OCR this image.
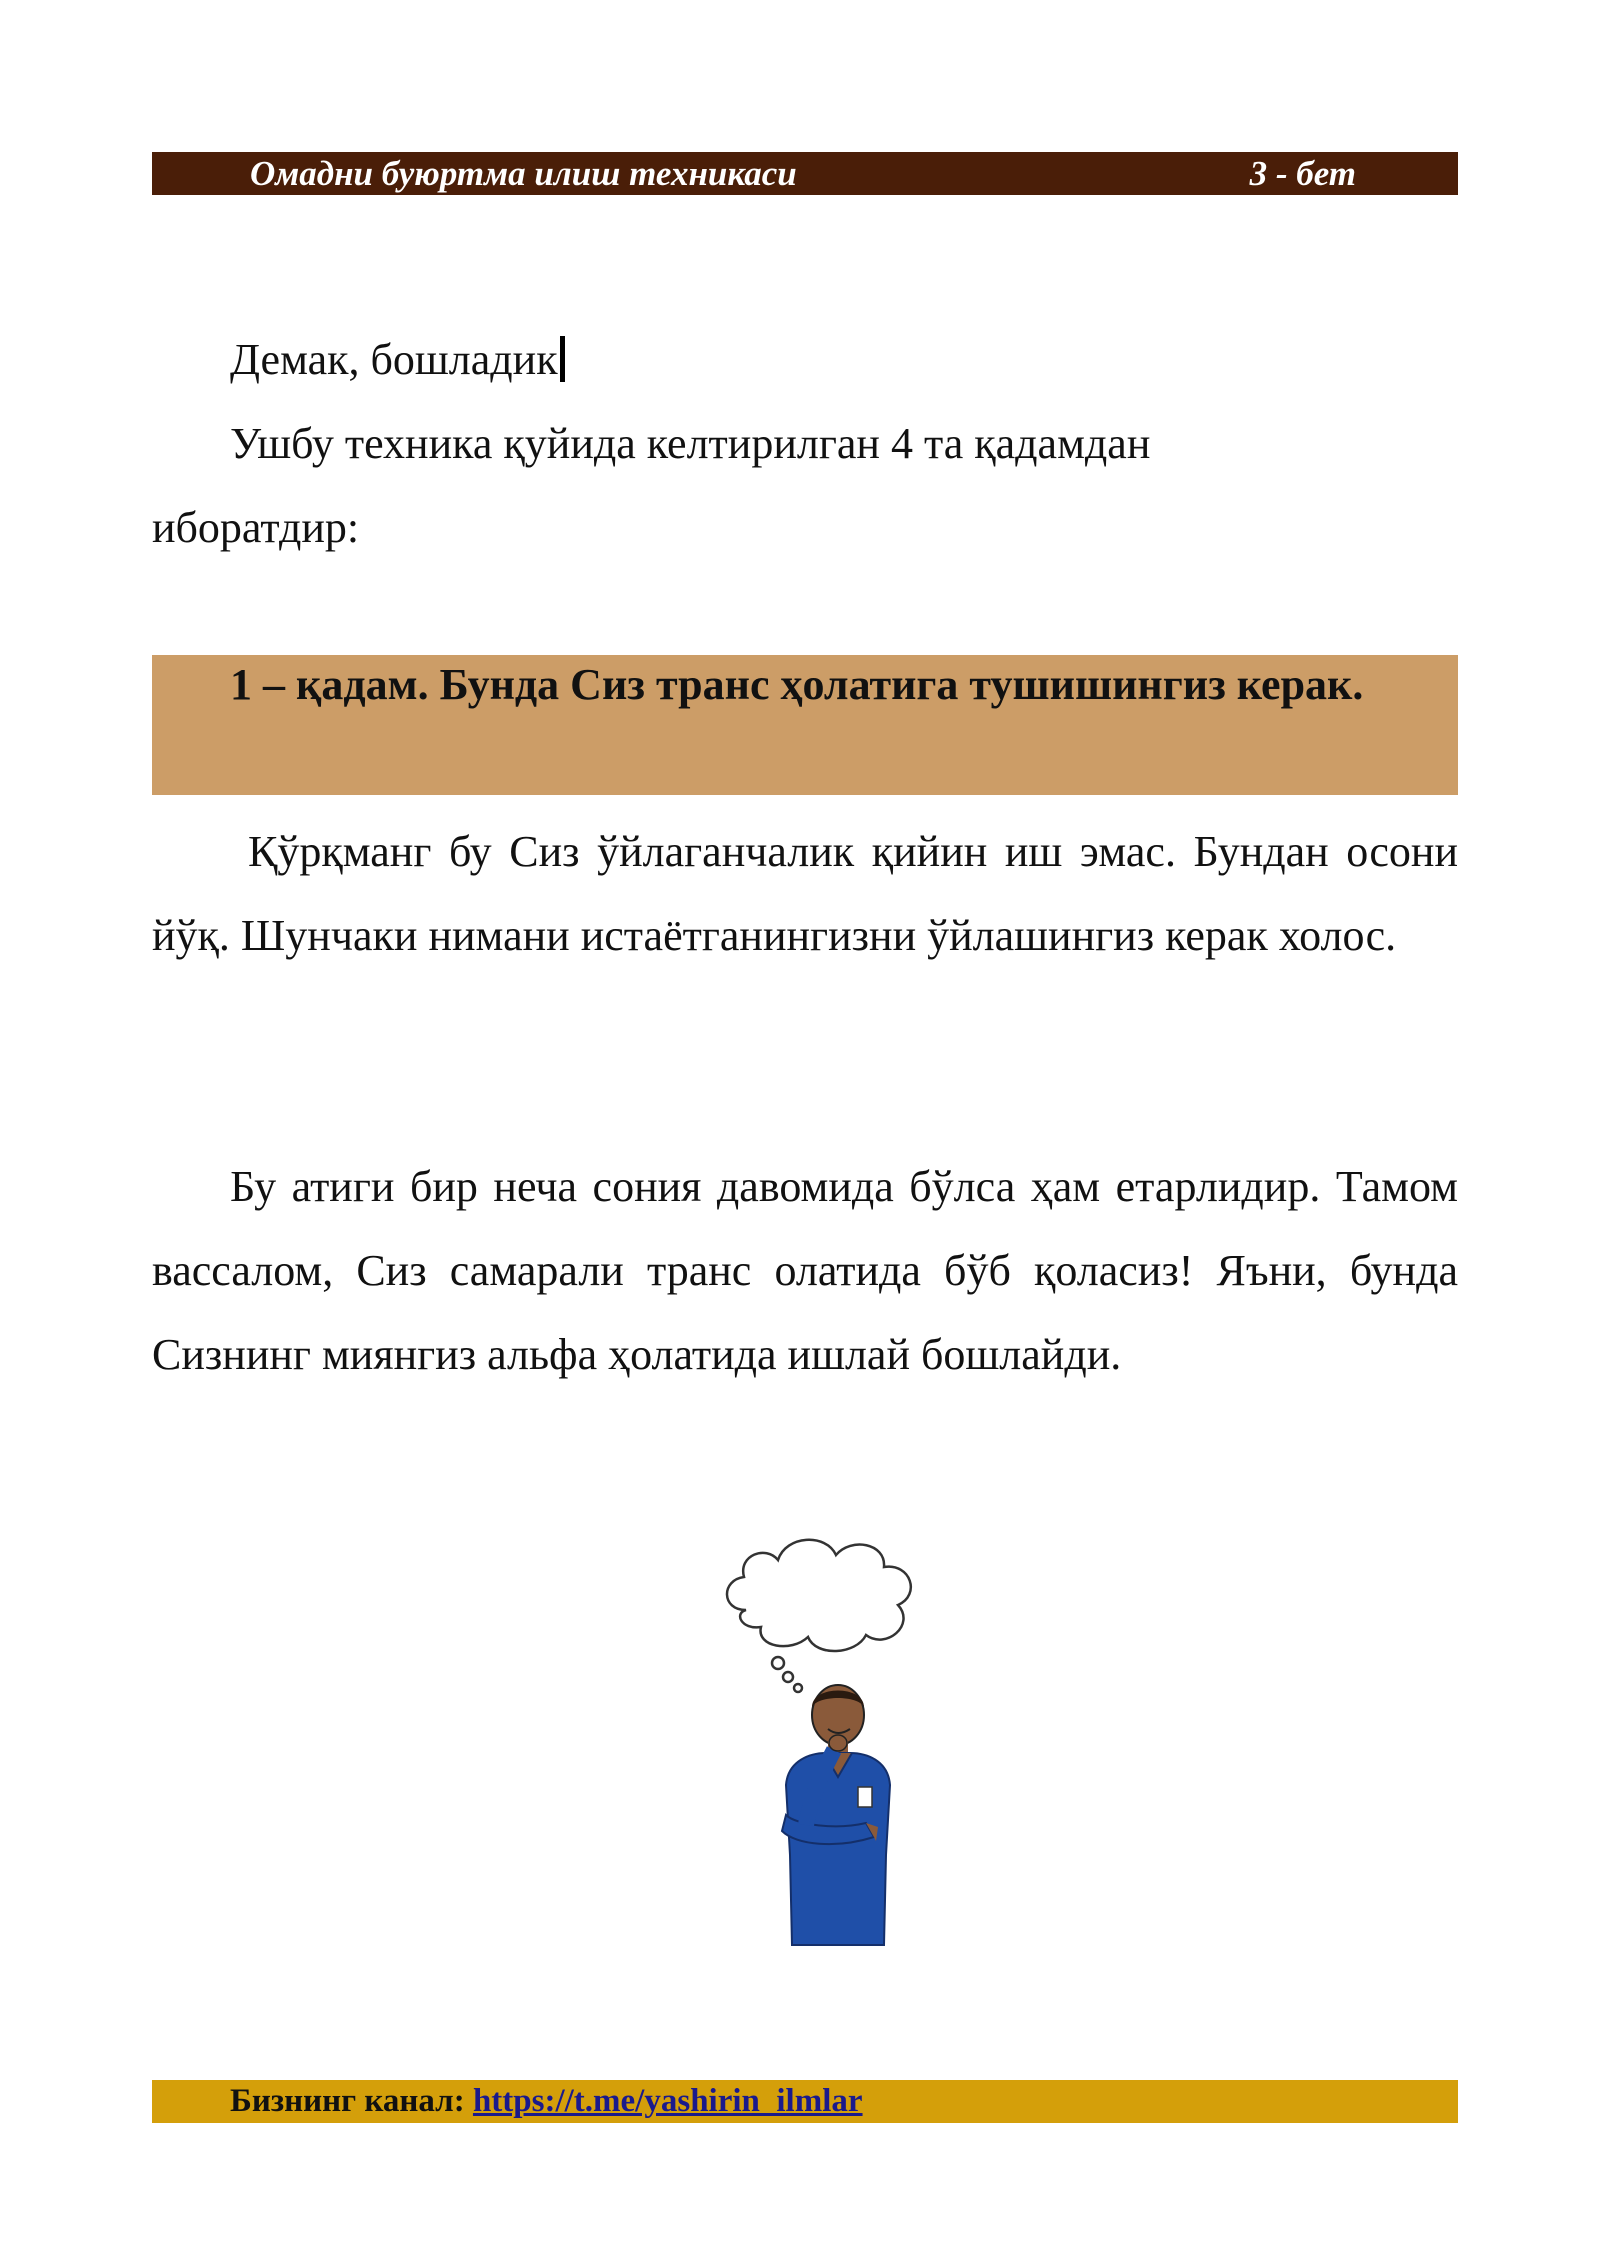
Омадни буюртма илиш техникаси	3 - бет
Демак, бошладик
Ушбу техника қуйида келтирилган 4 та қадамдан
иборатдир:
1 – қадам. Бунда Сиз транс ҳолатига тушишингиз керак.
Қўрқманг бу Сиз ўйлаганчалик қийин иш эмас. Бундан осони йўқ. Шунчаки нимани истаётганингизни ўйлашингиз керак холос.
Бу атиги бир неча сония давомида бўлса ҳам етарлидир. Тамом вассалом, Сиз самарали транс олатида бўб қоласиз! Яъни, бунда Сизнинг миянгиз альфа ҳолатида ишлай бошлайди.
Бизнинг канал: https://t.me/yashirin_ilmlar
